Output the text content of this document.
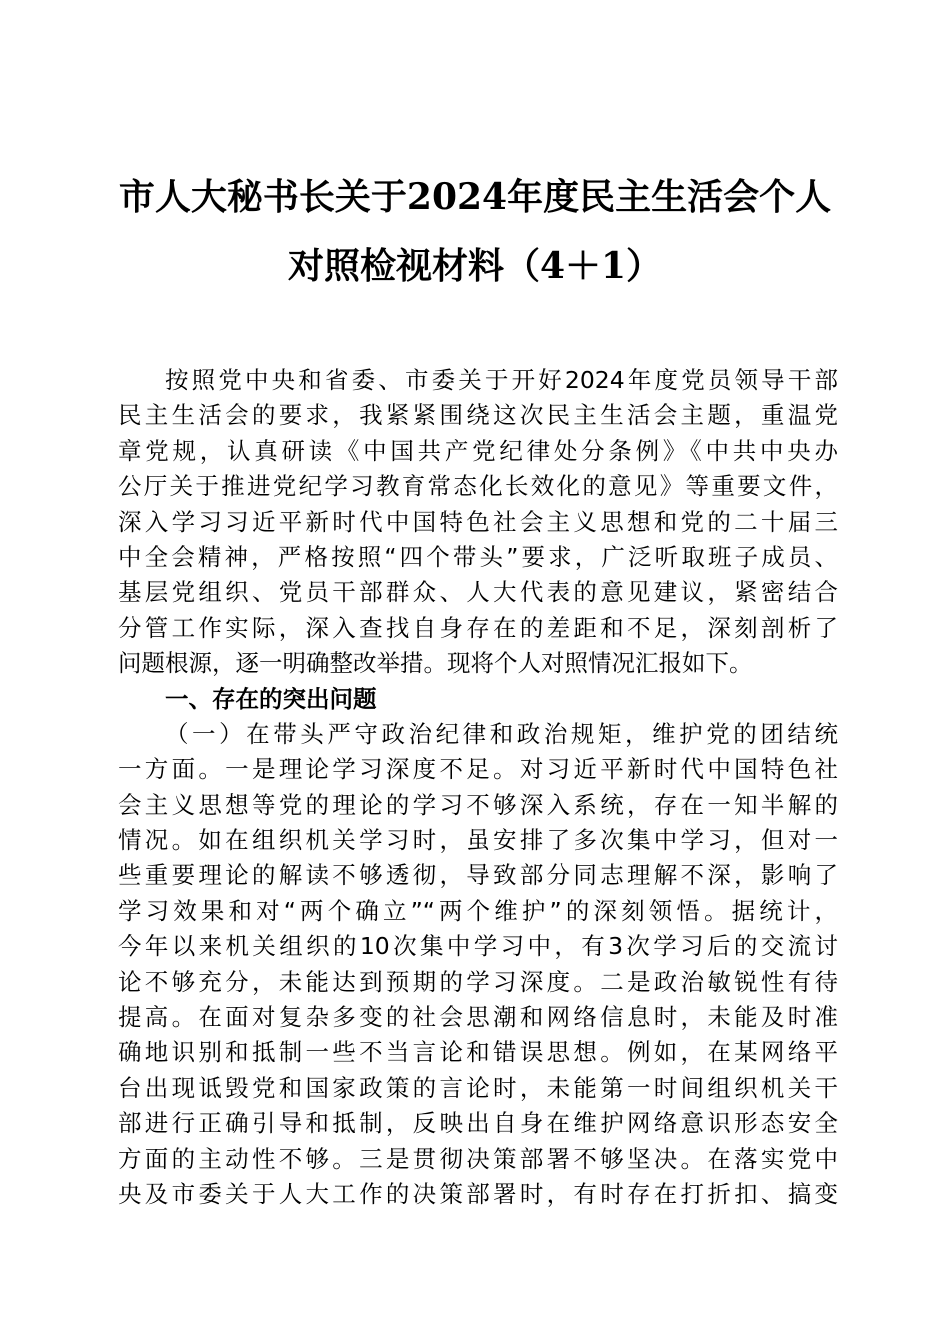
市人大秘书长关于2024年度民主生活会个人
对照检视材料（4＋1）
按照党中央和省委、市委关于开好2024年度党员领导干部
民主生活会的要求，我紧紧围绕这次民主生活会主题，重温党
章党规，认真研读《中国共产党纪律处分条例》《中共中央办
公厅关于推进党纪学习教育常态化长效化的意见》等重要文件，
深入学习习近平新时代中国特色社会主义思想和党的二十届三
中全会精神，严格按照“四个带头”要求，广泛听取班子成员、
基层党组织、党员干部群众、人大代表的意见建议，紧密结合
分管工作实际，深入查找自身存在的差距和不足，深刻剖析了
问题根源，逐一明确整改举措。现将个人对照情况汇报如下。
一、存在的突出问题
（一）在带头严守政治纪律和政治规矩，维护党的团结统
一方面。一是理论学习深度不足。对习近平新时代中国特色社
会主义思想等党的理论的学习不够深入系统，存在一知半解的
情况。如在组织机关学习时，虽安排了多次集中学习，但对一
些重要理论的解读不够透彻，导致部分同志理解不深，影响了
学习效果和对“两个确立”“两个维护”的深刻领悟。据统计，
今年以来机关组织的10次集中学习中，有3次学习后的交流讨
论不够充分，未能达到预期的学习深度。二是政治敏锐性有待
提高。在面对复杂多变的社会思潮和网络信息时，未能及时准
确地识别和抵制一些不当言论和错误思想。例如，在某网络平
台出现诋毁党和国家政策的言论时，未能第一时间组织机关干
部进行正确引导和抵制，反映出自身在维护网络意识形态安全
方面的主动性不够。三是贯彻决策部署不够坚决。在落实党中
央及市委关于人大工作的决策部署时，有时存在打折扣、搞变
